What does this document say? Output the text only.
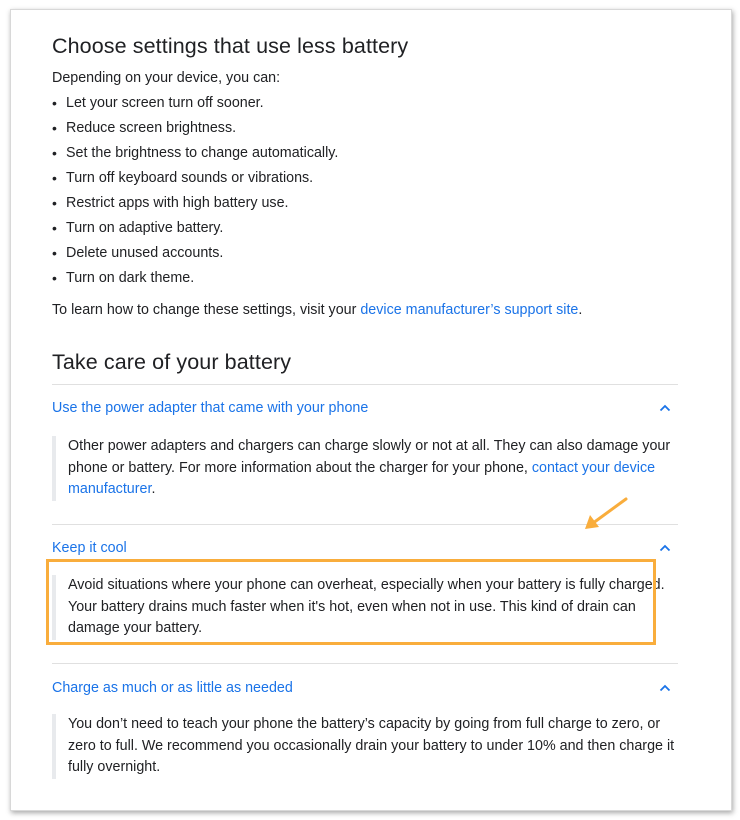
Choose settings that use less battery

Depending on your device, you can:

• Let your screen turn off sooner.
• Reduce screen brightness.
• Set the brightness to change automatically.
• Turn off keyboard sounds or vibrations.
• Restrict apps with high battery use.
• Turn on adaptive battery.
• Delete unused accounts.
• Turn on dark theme.

To learn how to change these settings, visit your device manufacturer’s support site.

Take care of your battery
Use the power adapter that came with your phone
Other power adapters and chargers can charge slowly or not at all. They can also damage your phone or battery. For more information about the charger for your phone, contact your device manufacturer.
Keep it cool
Avoid situations where your phone can overheat, especially when your battery is fully charged. Your battery drains much faster when it's hot, even when not in use. This kind of drain can damage your battery.
Charge as much or as little as needed
You don’t need to teach your phone the battery’s capacity by going from full charge to zero, or zero to full. We recommend you occasionally drain your battery to under 10% and then charge it fully overnight.
